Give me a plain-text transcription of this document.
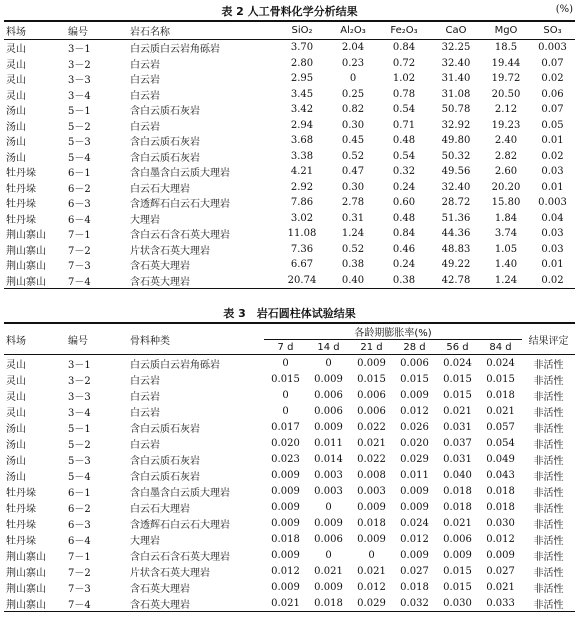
表 2 人工骨料化学分析结果	(%)
料场	编号	岩石名称	SiO₂	Al₂O₃	Fe₂O₃	CaO	MgO	SO₃
灵山	3－1	白云质白云岩角砾岩	3.70	2.04	0.84	32.25	18.5	0.003
灵山	3－2	白云岩	2.80	0.23	0.72	32.40	19.44	0.07
灵山	3－3	白云岩	2.95	0	1.02	31.40	19.72	0.02
灵山	3－4	白云岩	3.45	0.25	0.78	31.08	20.50	0.06
汤山	5－1	含白云质石灰岩	3.42	0.82	0.54	50.78	2.12	0.07
汤山	5－2	白云岩	2.94	0.30	0.71	32.92	19.23	0.05
汤山	5－3	含白云质石灰岩	3.68	0.45	0.48	49.80	2.40	0.01
汤山	5－4	含白云质石灰岩	3.38	0.52	0.54	50.32	2.82	0.02
牡丹垛	6－1	含白墨含白云质大理岩	4.21	0.47	0.32	49.56	2.60	0.03
牡丹垛	6－2	白云石大理岩	2.92	0.30	0.24	32.40	20.20	0.01
牡丹垛	6－3	含透辉石白云石大理岩	7.86	2.78	0.60	28.72	15.80	0.003
牡丹垛	6－4	大理岩	3.02	0.31	0.48	51.36	1.84	0.04
荆山寨山	7－1	含白云石含石英大理岩	11.08	1.24	0.84	44.36	3.74	0.03
荆山寨山	7－2	片状含石英大理岩	7.36	0.52	0.46	48.83	1.05	0.03
荆山寨山	7－3	含石英大理岩	6.67	0.38	0.24	49.22	1.40	0.01
荆山寨山	7－4	含石英大理岩	20.74	0.40	0.38	42.78	1.24	0.02
表 3　岩石圆柱体试验结果
料场	编号	骨料种类	各龄期膨胀率(%)						结果评定
			7 d	14 d	21 d	28 d	56 d	84 d	
灵山	3－1	白云质白云岩角砾岩	0	0	0.009	0.006	0.024	0.024	非活性
灵山	3－2	白云岩	0.015	0.009	0.015	0.015	0.015	0.015	非活性
灵山	3－3	白云岩	0	0.006	0.006	0.009	0.015	0.018	非活性
灵山	3－4	白云岩	0	0.006	0.006	0.012	0.021	0.021	非活性
汤山	5－1	含白云质石灰岩	0.017	0.009	0.022	0.026	0.031	0.057	非活性
汤山	5－2	白云岩	0.020	0.011	0.021	0.020	0.037	0.054	非活性
汤山	5－3	含白云质石灰岩	0.023	0.014	0.022	0.029	0.031	0.049	非活性
汤山	5－4	含白云质石灰岩	0.009	0.003	0.008	0.011	0.040	0.043	非活性
牡丹垛	6－1	含白墨含白云质大理岩	0.009	0.003	0.003	0.009	0.018	0.018	非活性
牡丹垛	6－2	白云石大理岩	0.009	0	0.009	0.009	0.018	0.018	非活性
牡丹垛	6－3	含透辉石白云石大理岩	0.009	0.009	0.018	0.024	0.021	0.030	非活性
牡丹垛	6－4	大理岩	0.018	0.006	0.009	0.012	0.006	0.012	非活性
荆山寨山	7－1	含白云石含石英大理岩	0.009	0	0	0.009	0.009	0.009	非活性
荆山寨山	7－2	片状含石英大理岩	0.012	0.021	0.021	0.027	0.015	0.027	非活性
荆山寨山	7－3	含石英大理岩	0.009	0.009	0.012	0.018	0.015	0.021	非活性
荆山寨山	7－4	含石英大理岩	0.021	0.018	0.029	0.032	0.030	0.033	非活性
